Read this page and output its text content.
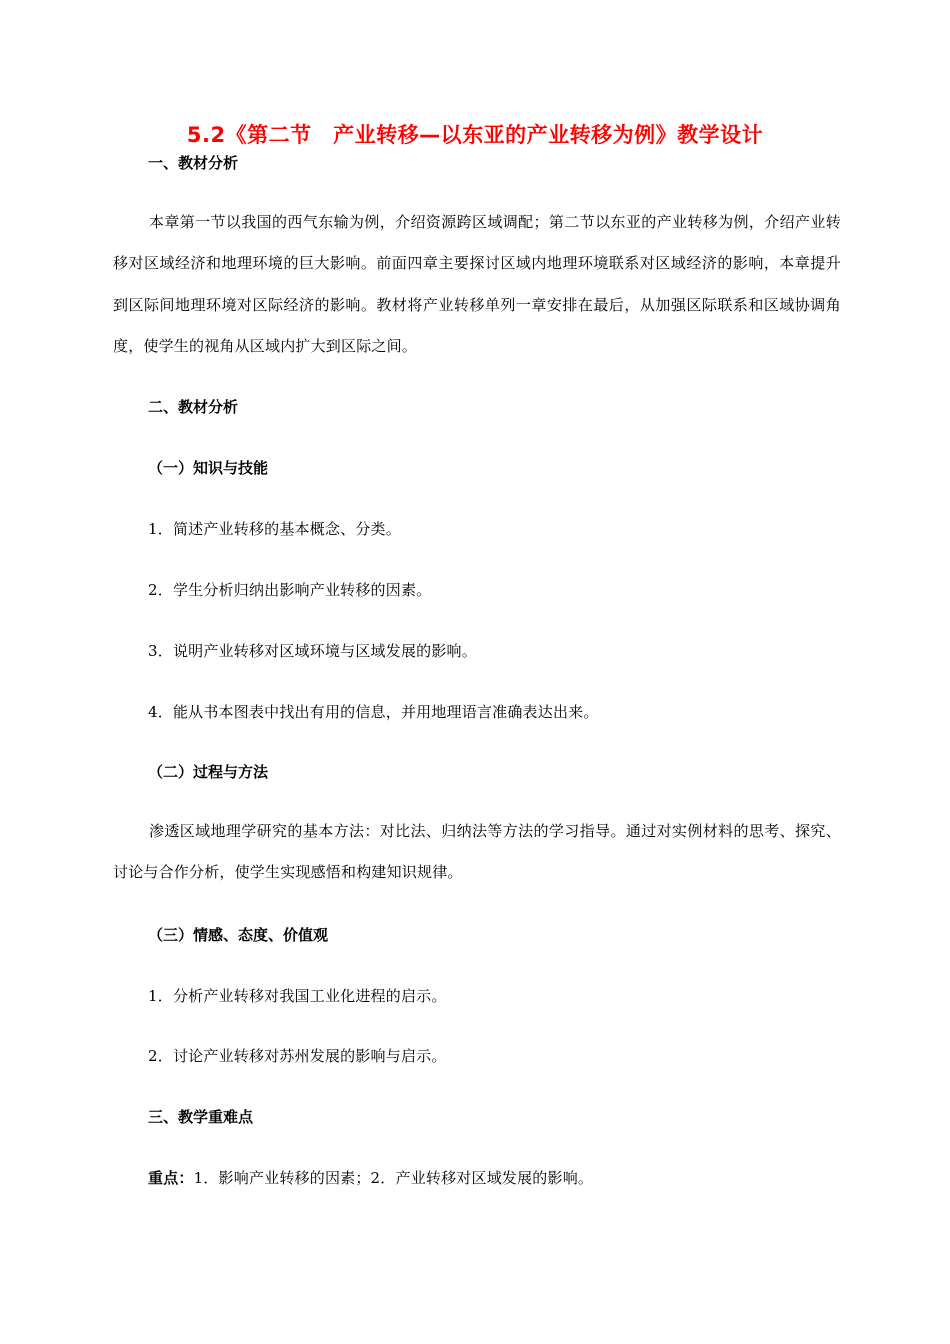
5.2《第二节　产业转移—以东亚的产业转移为例》教学设计
一、教材分析
本章第一节以我国的西气东输为例，介绍资源跨区域调配；第二节以东亚的产业转移为例，介绍产业转移对区域经济和地理环境的巨大影响。前面四章主要探讨区域内地理环境联系对区域经济的影响，本章提升到区际间地理环境对区际经济的影响。教材将产业转移单列一章安排在最后，从加强区际联系和区域协调角度，使学生的视角从区域内扩大到区际之间。
二、教材分析
（一）知识与技能
1．简述产业转移的基本概念、分类。
2．学生分析归纳出影响产业转移的因素。
3．说明产业转移对区域环境与区域发展的影响。
4．能从书本图表中找出有用的信息，并用地理语言准确表达出来。
（二）过程与方法
渗透区域地理学研究的基本方法：对比法、归纳法等方法的学习指导。通过对实例材料的思考、探究、讨论与合作分析，使学生实现感悟和构建知识规律。
（三）情感、态度、价值观
1．分析产业转移对我国工业化进程的启示。
2．讨论产业转移对苏州发展的影响与启示。
三、教学重难点
重点：1．影响产业转移的因素；2．产业转移对区域发展的影响。
